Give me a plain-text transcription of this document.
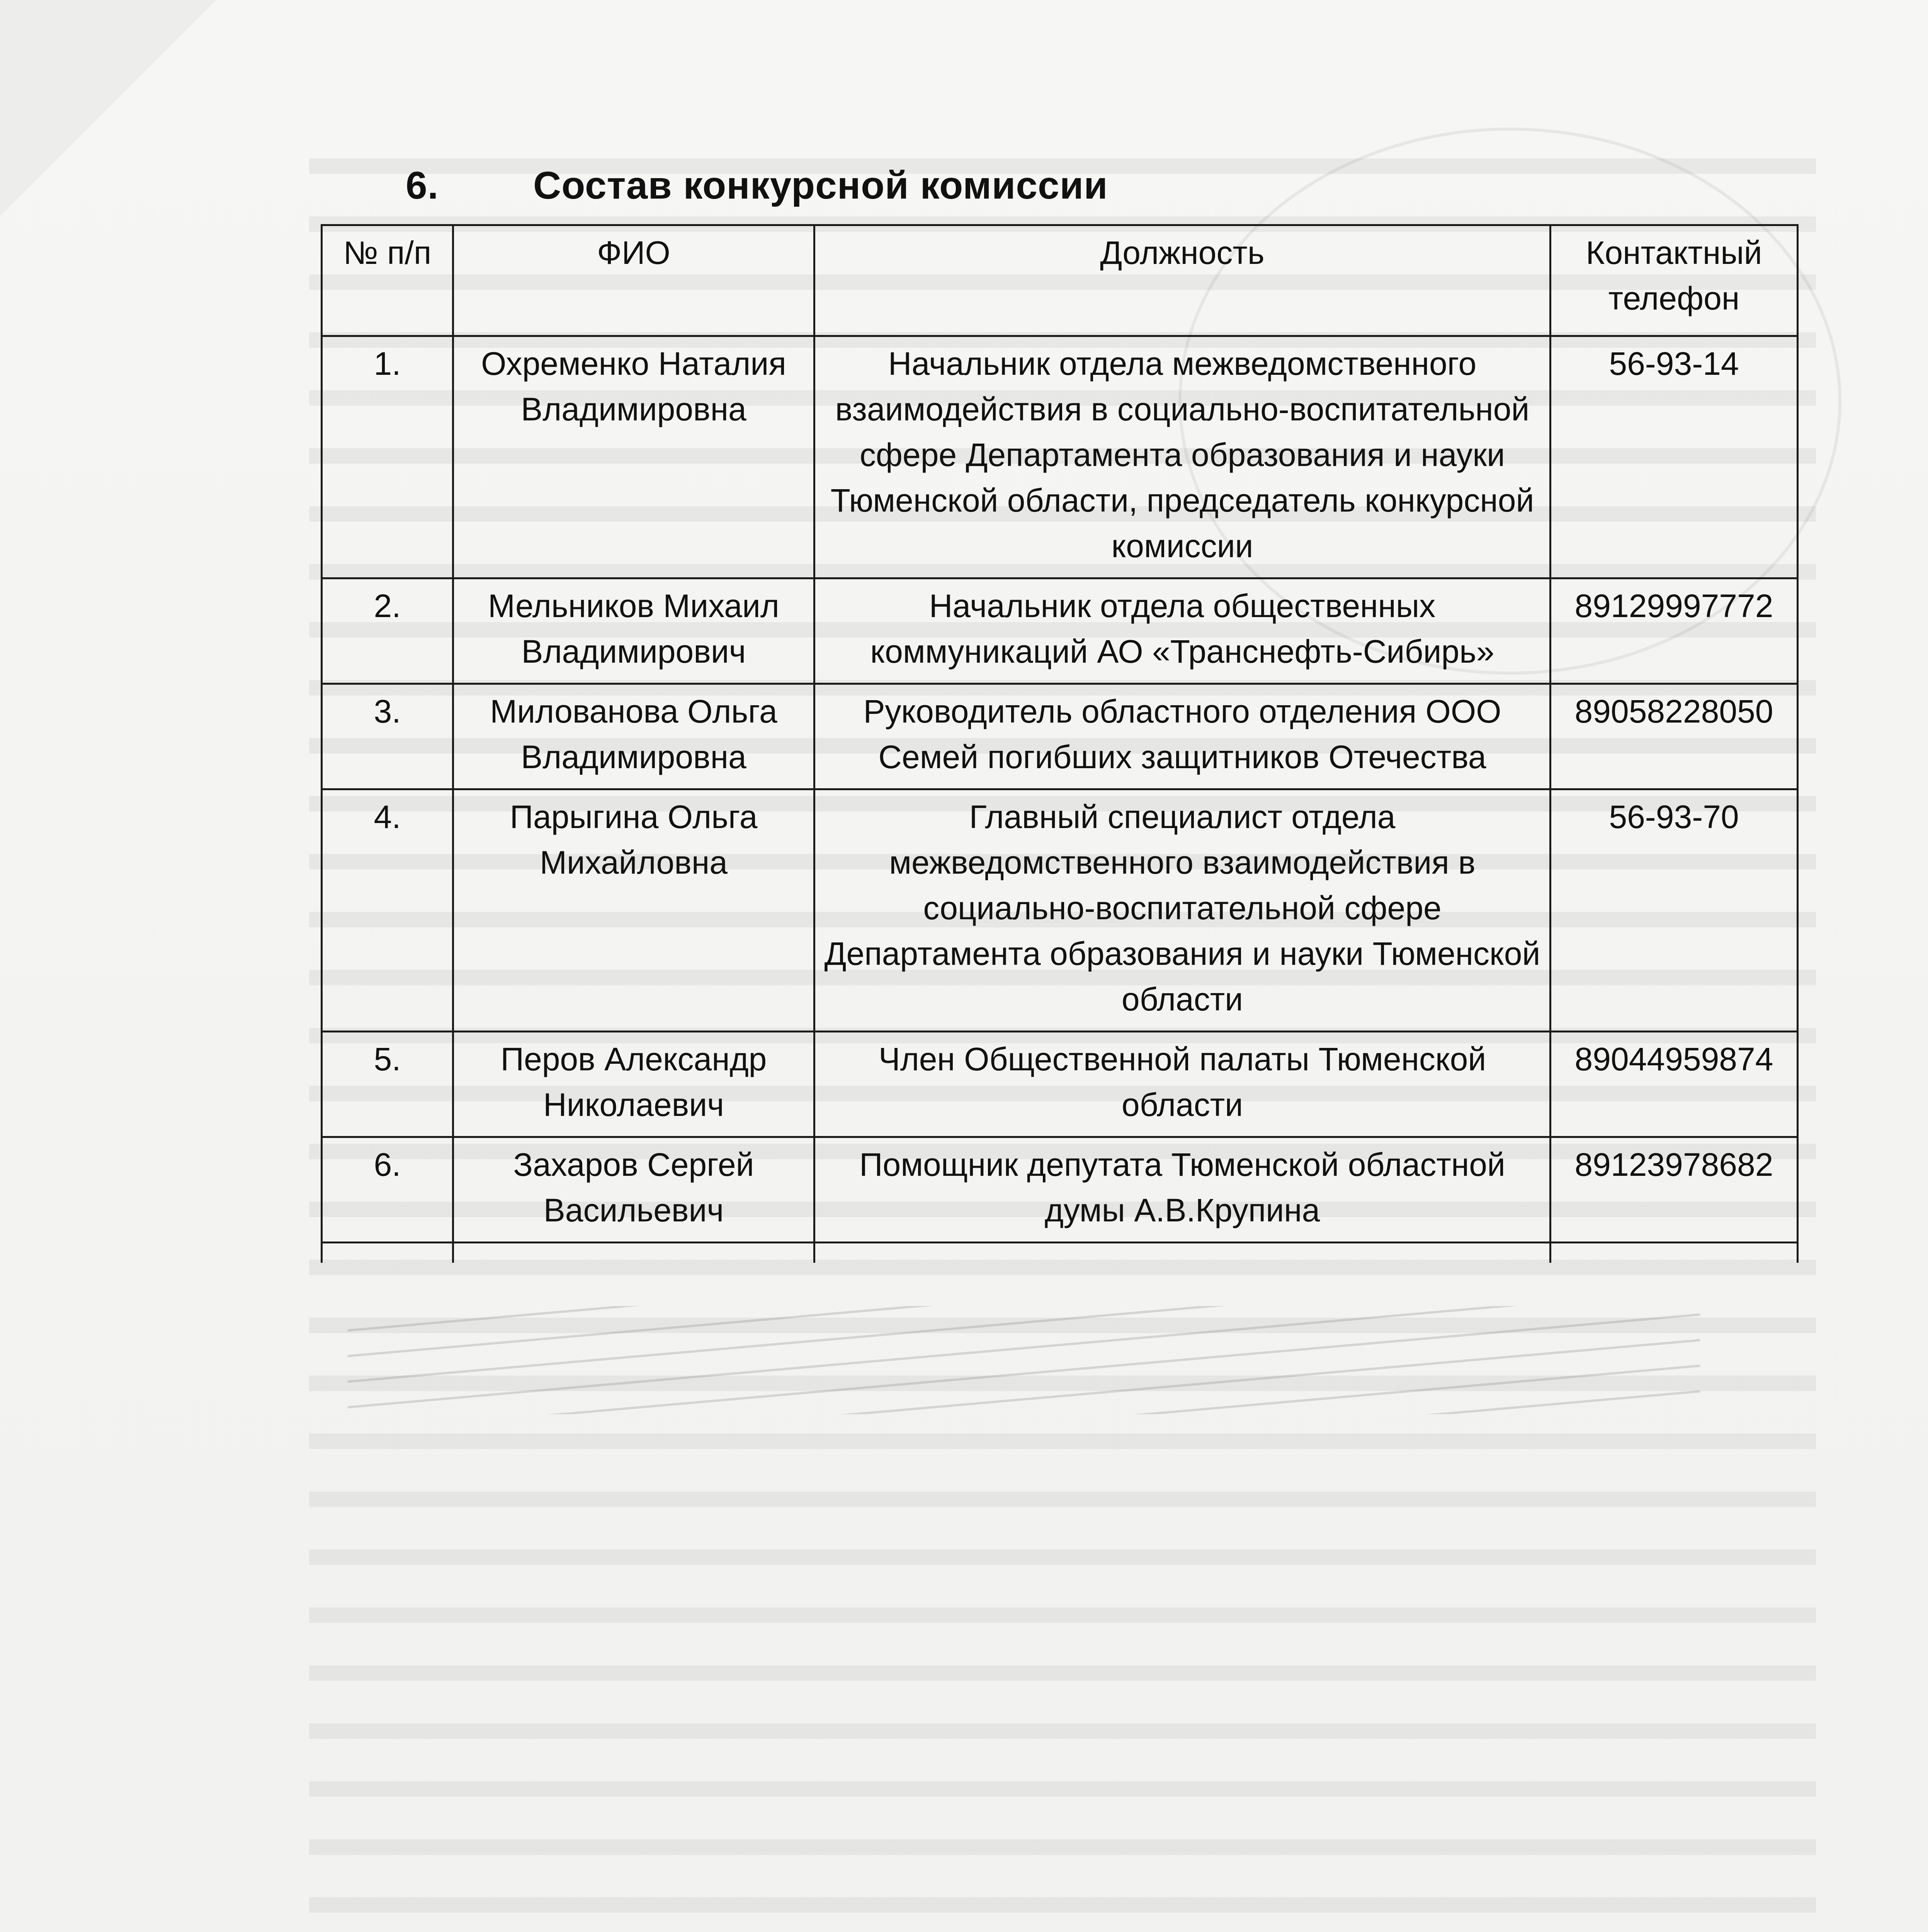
6.	Состав конкурсной комиссии
№ п/п	ФИО	Должность	Контактный телефон
1.	Охременко Наталия Владимировна	Начальник отдела межведомственного взаимодействия в социально-воспитательной сфере Департамента образования и науки Тюменской области, председатель конкурсной комиссии	56-93-14
2.	Мельников Михаил Владимирович	Начальник отдела общественных коммуникаций АО «Транснефть-Сибирь»	89129997772
3.	Милованова Ольга Владимировна	Руководитель областного отделения ООО Семей погибших защитников Отечества	89058228050
4.	Парыгина Ольга Михайловна	Главный специалист отдела межведомственного взаимодействия в социально-воспитательной сфере Департамента образования и науки Тюменской области	56-93-70
5.	Перов Александр Николаевич	Член Общественной палаты Тюменской области	89044959874
6.	Захаров Сергей Васильевич	Помощник депутата Тюменской областной думы А.В.Крупина	89123978682
